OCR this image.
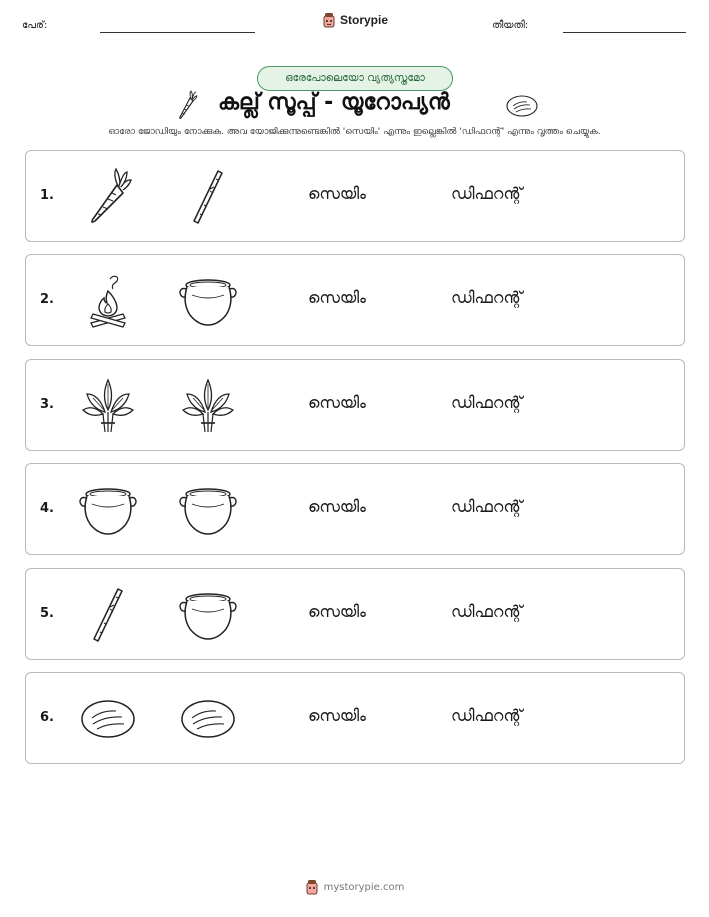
പേര്:	Storypie	തീയതി:
ഒരേപോലെയോ വ്യത്യസ്തമോ
കല്ല് സൂപ്പ് - യൂറോപ്യൻ
ഓരോ ജോഡിയും നോക്കുക. അവ യോജിക്കുന്നുണ്ടെങ്കിൽ 'സെയിം' എന്നും ഇല്ലെങ്കിൽ 'ഡിഫറന്റ്' എന്നും വൃത്തം ചെയ്യുക.
1.	സെയിം	ഡിഫറന്റ്
2.	സെയിം	ഡിഫറന്റ്
3.	സെയിം	ഡിഫറന്റ്
4.	സെയിം	ഡിഫറന്റ്
5.	സെയിം	ഡിഫറന്റ്
6.	സെയിം	ഡിഫറന്റ്
mystorypie.com
